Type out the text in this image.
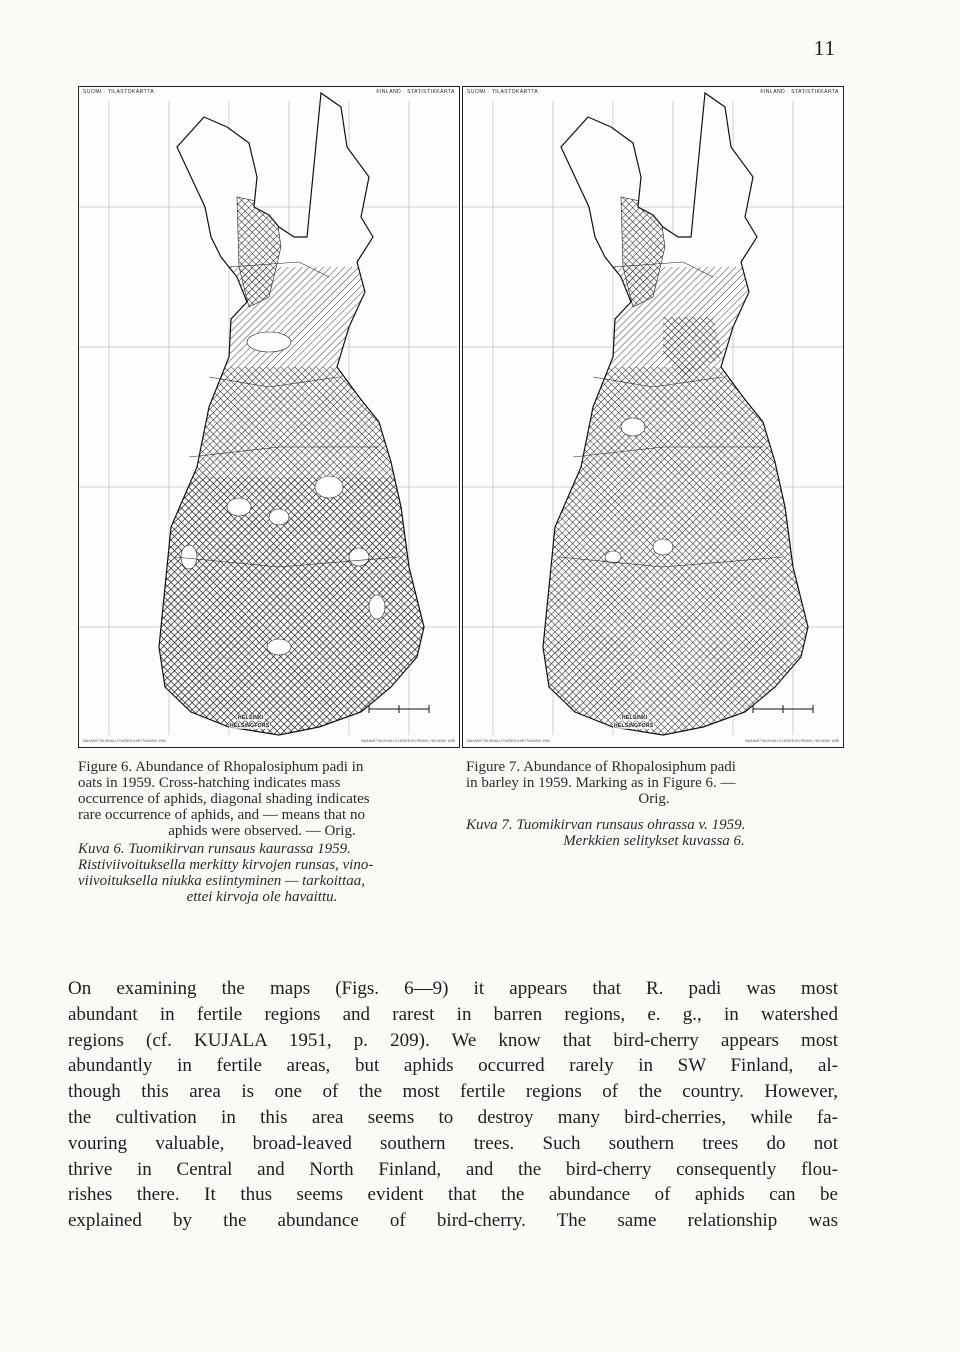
11
SUOMI · TILASTOKARTTA	FINLAND · STATISTIKKARTA
HELSINKI
HELSINGFORS
MAANMITTAUSHALLITUKSEN KARTTAPAINO 1950	MAANMITTAUSHALLITUKSEN KIVIPAINO, HELSINKI 1958
SUOMI · TILASTOKARTTA	FINLAND · STATISTIKKARTA
HELSINKI
HELSINGFORS
MAANMITTAUSHALLITUKSEN KARTTAPAINO 1950	MAANMITTAUSHALLITUKSEN KIVIPAINO, HELSINKI 1958
Figure 6. Abundance of Rhopalosiphum padi in
oats in 1959. Cross-hatching indicates mass
occurrence of aphids, diagonal shading indicates
rare occurrence of aphids, and — means that no
aphids were observed. — Orig.
Kuva 6. Tuomikirvan runsaus kaurassa 1959.
Ristiviivoituksella merkitty kirvojen runsas, vino-
viivoituksella niukka esiintyminen — tarkoittaa,
ettei kirvoja ole havaittu.
Figure 7. Abundance of Rhopalosiphum padi
in barley in 1959. Marking as in Figure 6. —
Orig.
Kuva 7. Tuomikirvan runsaus ohrassa v. 1959.
Merkkien selitykset kuvassa 6.
On examining the maps (Figs. 6—9) it appears that R. padi was most
abundant in fertile regions and rarest in barren regions, e. g., in watershed
regions (cf. KUJALA 1951, p. 209). We know that bird-cherry appears most
abundantly in fertile areas, but aphids occurred rarely in SW Finland, al-
though this area is one of the most fertile regions of the country. However,
the cultivation in this area seems to destroy many bird-cherries, while fa-
vouring valuable, broad-leaved southern trees. Such southern trees do not
thrive in Central and North Finland, and the bird-cherry consequently flou-
rishes there. It thus seems evident that the abundance of aphids can be
explained by the abundance of bird-cherry. The same relationship was
